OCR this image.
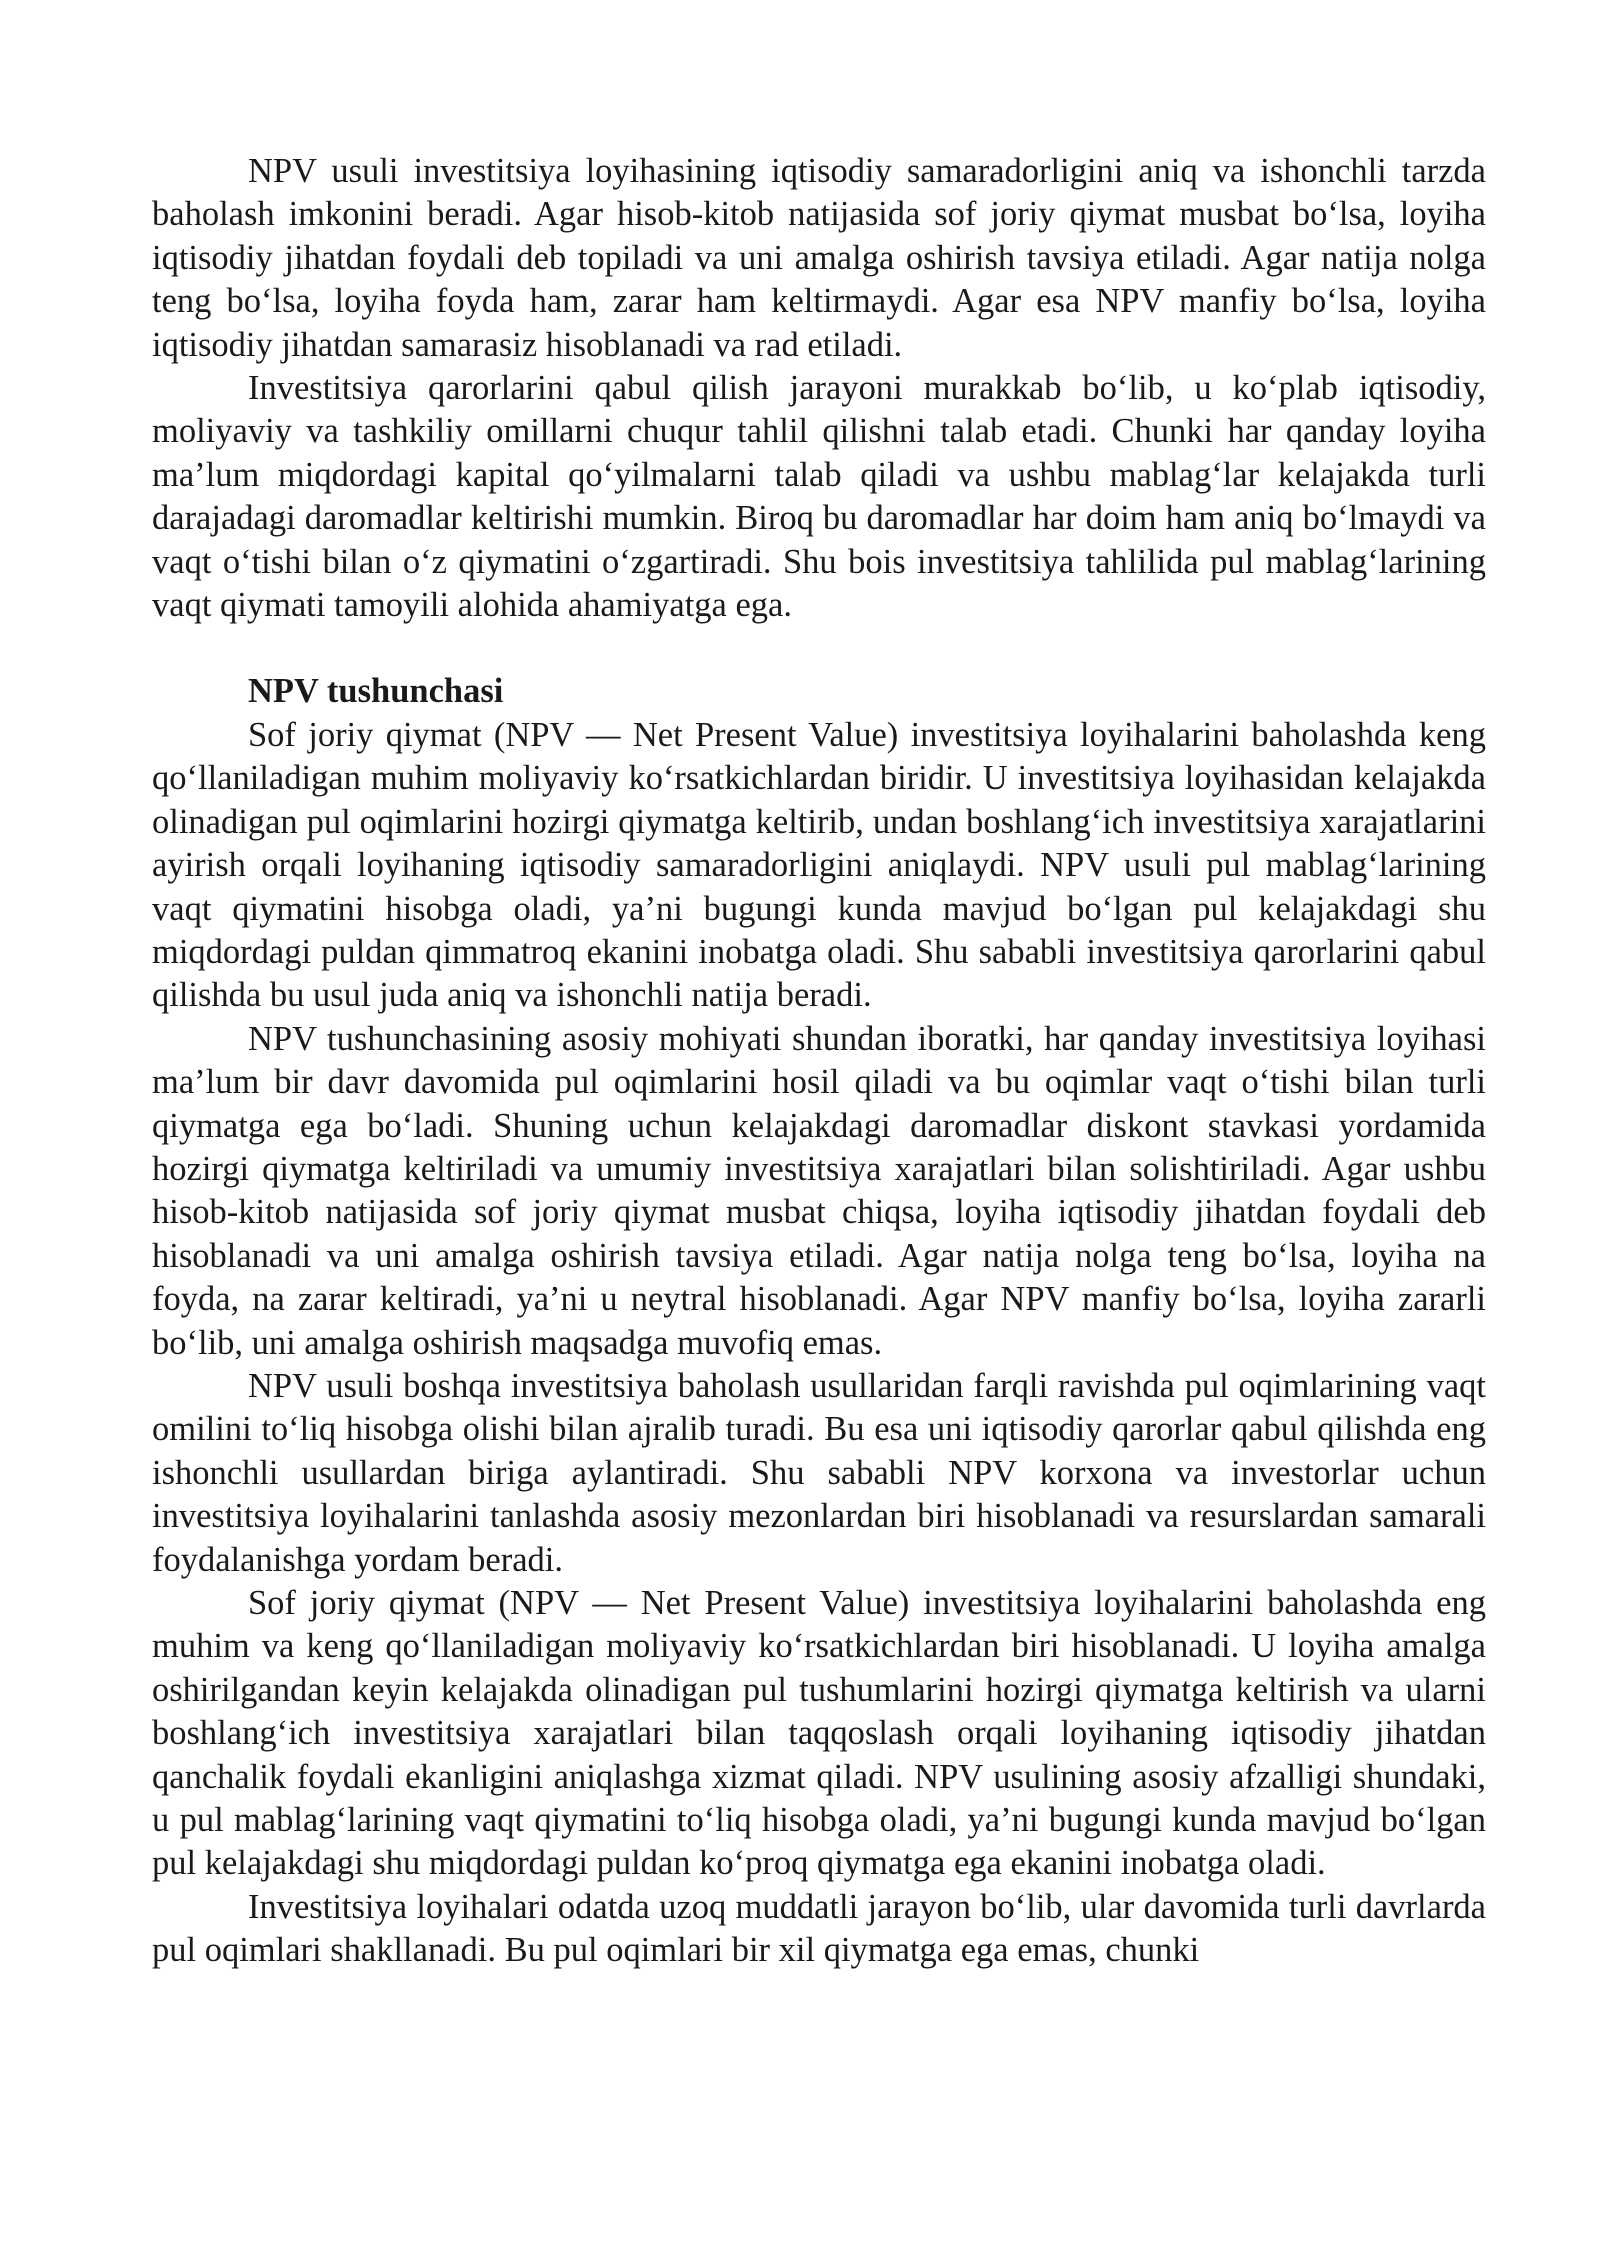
NPV usuli investitsiya loyihasining iqtisodiy samaradorligini aniq va ishonchli tarzda baholash imkonini beradi. Agar hisob-kitob natijasida sof joriy qiymat musbat bo‘lsa, loyiha iqtisodiy jihatdan foydali deb topiladi va uni amalga oshirish tavsiya etiladi. Agar natija nolga teng bo‘lsa, loyiha foyda ham, zarar ham keltirmaydi. Agar esa NPV manfiy bo‘lsa, loyiha iqtisodiy jihatdan samarasiz hisoblanadi va rad etiladi.

Investitsiya qarorlarini qabul qilish jarayoni murakkab bo‘lib, u ko‘plab iqtisodiy, moliyaviy va tashkiliy omillarni chuqur tahlil qilishni talab etadi. Chunki har qanday loyiha ma’lum miqdordagi kapital qo‘yilmalarni talab qiladi va ushbu mablag‘lar kelajakda turli darajadagi daromadlar keltirishi mumkin. Biroq bu daromadlar har doim ham aniq bo‘lmaydi va vaqt o‘tishi bilan o‘z qiymatini o‘zgartiradi. Shu bois investitsiya tahlilida pul mablag‘larining vaqt qiymati tamoyili alohida ahamiyatga ega.

NPV tushunchasi

Sof joriy qiymat (NPV — Net Present Value) investitsiya loyihalarini baholashda keng qo‘llaniladigan muhim moliyaviy ko‘rsatkichlardan biridir. U investitsiya loyihasidan kelajakda olinadigan pul oqimlarini hozirgi qiymatga keltirib, undan boshlang‘ich investitsiya xarajatlarini ayirish orqali loyihaning iqtisodiy samaradorligini aniqlaydi. NPV usuli pul mablag‘larining vaqt qiymatini hisobga oladi, ya’ni bugungi kunda mavjud bo‘lgan pul kelajakdagi shu miqdordagi puldan qimmatroq ekanini inobatga oladi. Shu sababli investitsiya qarorlarini qabul qilishda bu usul juda aniq va ishonchli natija beradi.

NPV tushunchasining asosiy mohiyati shundan iboratki, har qanday investitsiya loyihasi ma’lum bir davr davomida pul oqimlarini hosil qiladi va bu oqimlar vaqt o‘tishi bilan turli qiymatga ega bo‘ladi. Shuning uchun kelajakdagi daromadlar diskont stavkasi yordamida hozirgi qiymatga keltiriladi va umumiy investitsiya xarajatlari bilan solishtiriladi. Agar ushbu hisob-kitob natijasida sof joriy qiymat musbat chiqsa, loyiha iqtisodiy jihatdan foydali deb hisoblanadi va uni amalga oshirish tavsiya etiladi. Agar natija nolga teng bo‘lsa, loyiha na foyda, na zarar keltiradi, ya’ni u neytral hisoblanadi. Agar NPV manfiy bo‘lsa, loyiha zararli bo‘lib, uni amalga oshirish maqsadga muvofiq emas.

NPV usuli boshqa investitsiya baholash usullaridan farqli ravishda pul oqimlarining vaqt omilini to‘liq hisobga olishi bilan ajralib turadi. Bu esa uni iqtisodiy qarorlar qabul qilishda eng ishonchli usullardan biriga aylantiradi. Shu sababli NPV korxona va investorlar uchun investitsiya loyihalarini tanlashda asosiy mezonlardan biri hisoblanadi va resurslardan samarali foydalanishga yordam beradi.

Sof joriy qiymat (NPV — Net Present Value) investitsiya loyihalarini baholashda eng muhim va keng qo‘llaniladigan moliyaviy ko‘rsatkichlardan biri hisoblanadi. U loyiha amalga oshirilgandan keyin kelajakda olinadigan pul tushumlarini hozirgi qiymatga keltirish va ularni boshlang‘ich investitsiya xarajatlari bilan taqqoslash orqali loyihaning iqtisodiy jihatdan qanchalik foydali ekanligini aniqlashga xizmat qiladi. NPV usulining asosiy afzalligi shundaki, u pul mablag‘larining vaqt qiymatini to‘liq hisobga oladi, ya’ni bugungi kunda mavjud bo‘lgan pul kelajakdagi shu miqdordagi puldan ko‘proq qiymatga ega ekanini inobatga oladi.

Investitsiya loyihalari odatda uzoq muddatli jarayon bo‘lib, ular davomida turli davrlarda pul oqimlari shakllanadi. Bu pul oqimlari bir xil qiymatga ega emas, chunki
